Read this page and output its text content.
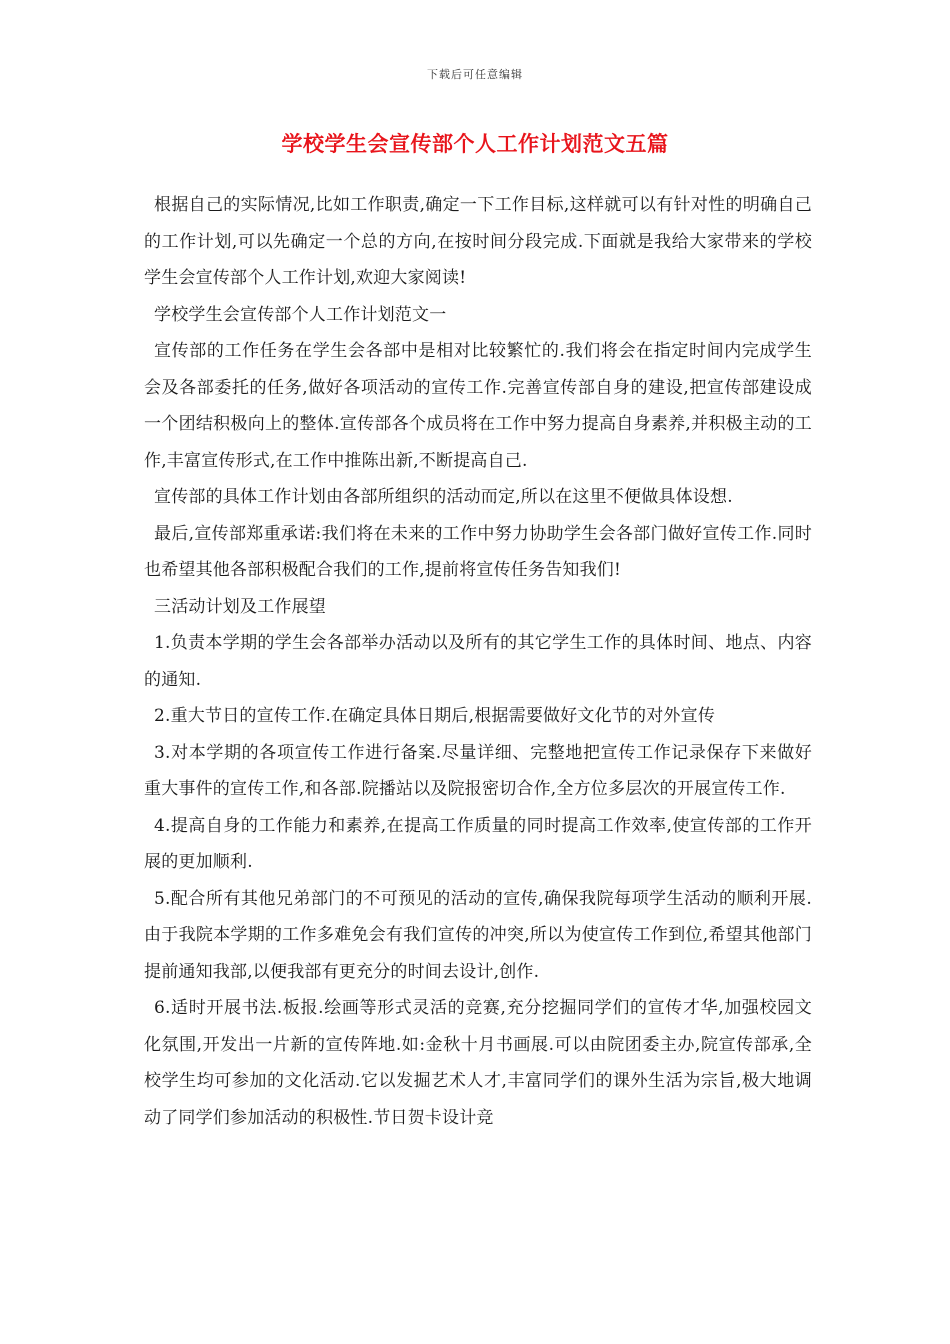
下载后可任意编辑
学校学生会宣传部个人工作计划范文五篇

根据自己的实际情况,比如工作职责,确定一下工作目标,这样就可以有针对性的明确自己的工作计划,可以先确定一个总的方向,在按时间分段完成.下面就是我给大家带来的学校学生会宣传部个人工作计划,欢迎大家阅读!

学校学生会宣传部个人工作计划范文一

宣传部的工作任务在学生会各部中是相对比较繁忙的.我们将会在指定时间内完成学生会及各部委托的任务,做好各项活动的宣传工作.完善宣传部自身的建设,把宣传部建设成一个团结积极向上的整体.宣传部各个成员将在工作中努力提高自身素养,并积极主动的工作,丰富宣传形式,在工作中推陈出新,不断提高自己.

宣传部的具体工作计划由各部所组织的活动而定,所以在这里不便做具体设想.

最后,宣传部郑重承诺:我们将在未来的工作中努力协助学生会各部门做好宣传工作.同时也希望其他各部积极配合我们的工作,提前将宣传任务告知我们!

三活动计划及工作展望

1.负责本学期的学生会各部举办活动以及所有的其它学生工作的具体时间、地点、内容的通知.

2.重大节日的宣传工作.在确定具体日期后,根据需要做好文化节的对外宣传

3.对本学期的各项宣传工作进行备案.尽量详细、完整地把宣传工作记录保存下来做好重大事件的宣传工作,和各部.院播站以及院报密切合作,全方位多层次的开展宣传工作.

4.提高自身的工作能力和素养,在提高工作质量的同时提高工作效率,使宣传部的工作开展的更加顺利.

5.配合所有其他兄弟部门的不可预见的活动的宣传,确保我院每项学生活动的顺利开展.由于我院本学期的工作多难免会有我们宣传的冲突,所以为使宣传工作到位,希望其他部门提前通知我部,以便我部有更充分的时间去设计,创作.

6.适时开展书法.板报.绘画等形式灵活的竞赛,充分挖掘同学们的宣传才华,加强校园文化氛围,开发出一片新的宣传阵地.如:金秋十月书画展.可以由院团委主办,院宣传部承,全校学生均可参加的文化活动.它以发掘艺术人才,丰富同学们的课外生活为宗旨,极大地调动了同学们参加活动的积极性.节日贺卡设计竞
